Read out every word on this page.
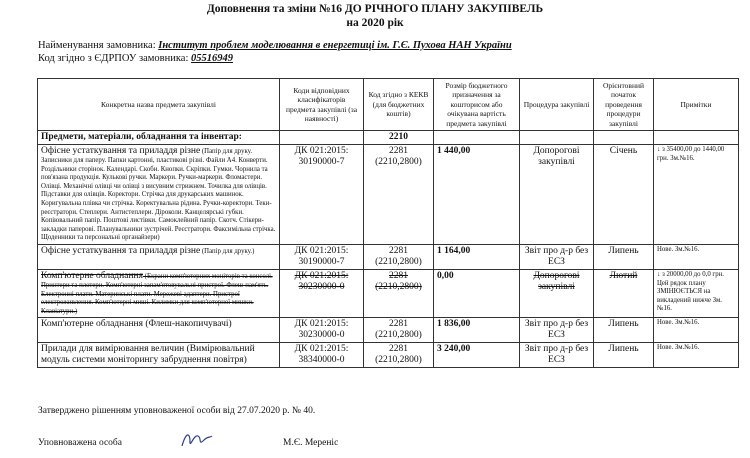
Доповнення та зміни №16 ДО РІЧНОГО ПЛАНУ ЗАКУПІВЕЛЬ
на 2020 рік
Найменування замовника: Інститут проблем моделювання в енергетиці ім. Г.Є. Пухова НАН України
Код згідно з ЄДРПОУ замовника: 05516949
Конкретна назва предмета закупівлі	Коди відповідних класифікаторів предмета закупівлі (за наявності)	Код згідно з КЕКВ (для бюджетних коштів)	Розмір бюджетного призначення за кошторисом або очікувана вартість предмета закупівлі	Процедура закупівлі	Орієнтовний початок проведення процедури закупівлі	Примітки
Предмети, матеріали, обладнання та інвентар:		2210				
Офісне устаткування та приладдя різне (Папір для друку. Записники для паперу. Папки картонні, пластикові різні. Файли А4. Конверти. Роздільники сторінок. Календарі. Скоби. Кнопки. Скріпки. Гумки. Чорнила та пов'язана продукція. Кулькові ручки. Маркери. Ручки-маркери. Фломастери. Олівці. Механічні олівці чи олівці з висувним стрижнем. Точилка для олівців. Підставки для олівців. Коректори. Стрічка для друкарських машинок. Коригувальна плівка чи стрічка. Коректувальна рідина. Ручки-коректори. Теки-реєстратори. Степлери. Антистеплери. Діроколи. Канцелярські губки. Копіювальний папір. Поштові листівки. Самоклейний папір. Скотч. Стікери-закладки паперові. Планувальники зустрічей. Реєстратори. Факсимільна стрічка. Щоденники та персональні органайзери)	ДК 021:2015: 30190000-7	2281 (2210,2800)	1 440,00	Допорогові закупівлі	Січень	↓ з 35400,00 до 1440,00 грн. Зм.№16.
Офісне устаткування та приладдя різне (Папір для друку.)	ДК 021:2015: 30190000-7	2281 (2210,2800)	1 164,00	Звіт про д-р без ЕСЗ	Липень	Нове. Зм.№16.
Комп'ютерне обладнання (Екрани комп'ютерних моніторів та консолі. Принтери та плотери. Комп'ютерні запам'ятовувальні пристрої. Флеш-пам'ять. Електронні плати. Материнські плати. Мережеві адаптери. Пристрої електроживлення. Комп'ютерні миші. Килимки для комп'ютерної мишки. Клавіатури.)	ДК 021:2015: 30230000-0	2281 (2210,2800)	0,00	Допорогові закупівлі	Лютий	↓ з 20000,00 до 0,0 грн. Цей рядок плану ЗМІНЮЄТЬСЯ на викладений нижче Зм.№16.
Комп'ютерне обладнання (Флеш-накопичувачі)	ДК 021:2015: 30230000-0	2281 (2210,2800)	1 836,00	Звіт про д-р без ЕСЗ	Липень	Нове. Зм.№16.
Прилади для вимірювання величин (Вимірювальний модуль системи моніторингу забруднення повітря)	ДК 021:2015: 38340000-0	2281 (2210,2800)	3 240,00	Звіт про д-р без ЕСЗ	Липень	Нове. Зм.№16.
Затверджено рішенням уповноваженої особи від 27.07.2020 р. № 40.
Уповноважена особа	М.Є. Мереніс
